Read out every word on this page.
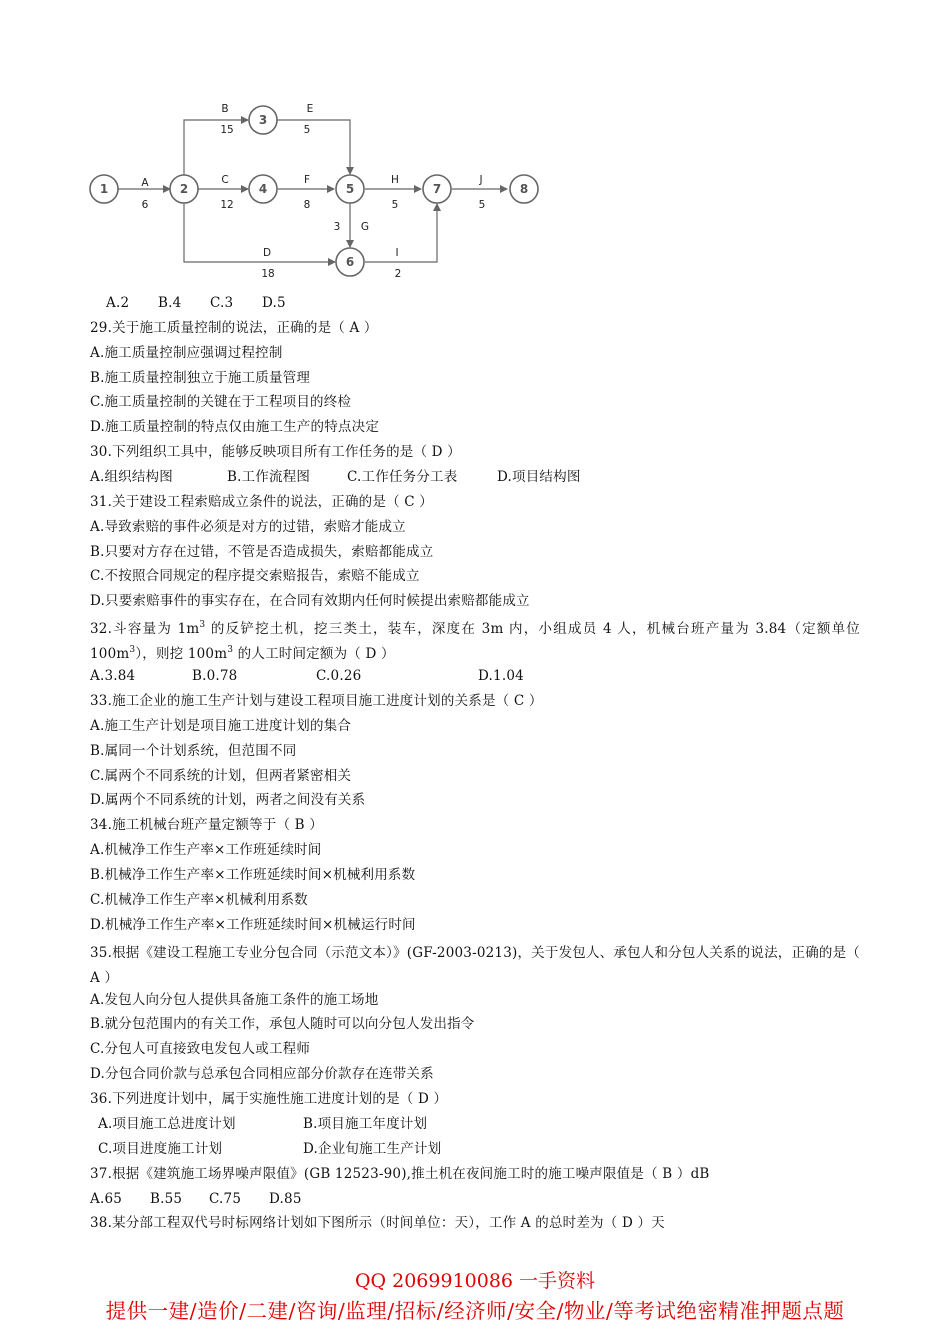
1	2
3
4	5
6
7	8
A
6
B
15
C
12
D
18
E
5
F
8
3 G
H
5
I
2
J
5
A.2 B.4 C.3 D.5
29.关于施工质量控制的说法，正确的是（ A ）
A.施工质量控制应强调过程控制
B.施工质量控制独立于施工质量管理
C.施工质量控制的关键在于工程项目的终检
D.施工质量控制的特点仅由施工生产的特点决定
30.下列组织工具中，能够反映项目所有工作任务的是（ D ）
A.组织结构图	B.工作流程图	C.工作任务分工表	D.项目结构图
31.关于建设工程索赔成立条件的说法，正确的是（ C ）
A.导致索赔的事件必须是对方的过错，索赔才能成立
B.只要对方存在过错，不管是否造成损失，索赔都能成立
C.不按照合同规定的程序提交索赔报告，索赔不能成立
D.只要索赔事件的事实存在，在合同有效期内任何时候提出索赔都能成立
32.斗容量为 $1m^3$ 的反铲挖土机，挖三类土，装车，深度在 3m 内，小组成员 4 人，机械台班产量为 3.84（定额单位 $100m^3$），则挖 $100m^3$ 的人工时间定额为（ D ）
A.3.84	B.0.78	C.0.26	D.1.04
33.施工企业的施工生产计划与建设工程项目施工进度计划的关系是（ C ）
A.施工生产计划是项目施工进度计划的集合
B.属同一个计划系统，但范围不同
C.属两个不同系统的计划，但两者紧密相关
D.属两个不同系统的计划，两者之间没有关系
34.施工机械台班产量定额等于（ B ）
A.机械净工作生产率×工作班延续时间
B.机械净工作生产率×工作班延续时间×机械利用系数
C.机械净工作生产率×机械利用系数
D.机械净工作生产率×工作班延续时间×机械运行时间
35.根据《建设工程施工专业分包合同（示范文本）》(GF-2003-0213)，关于发包人、承包人和分包人关系的说法，正确的是（ A ）
A.发包人向分包人提供具备施工条件的施工场地
B.就分包范围内的有关工作，承包人随时可以向分包人发出指令
C.分包人可直接致电发包人或工程师
D.分包合同价款与总承包合同相应部分价款存在连带关系
36.下列进度计划中，属于实施性施工进度计划的是（ D ）
A.项目施工总进度计划	B.项目施工年度计划
C.项目进度施工计划	D.企业旬施工生产计划
37.根据《建筑施工场界噪声限值》(GB 12523-90),推土机在夜间施工时的施工噪声限值是（ B ）dB
A.65 B.55 C.75 D.85
38.某分部工程双代号时标网络计划如下图所示（时间单位：天），工作 A 的总时差为（ D ）天
QQ 2069910086 一手资料
提供一建/造价/二建/咨询/监理/招标/经济师/安全/物业/等考试绝密精准押题点题
